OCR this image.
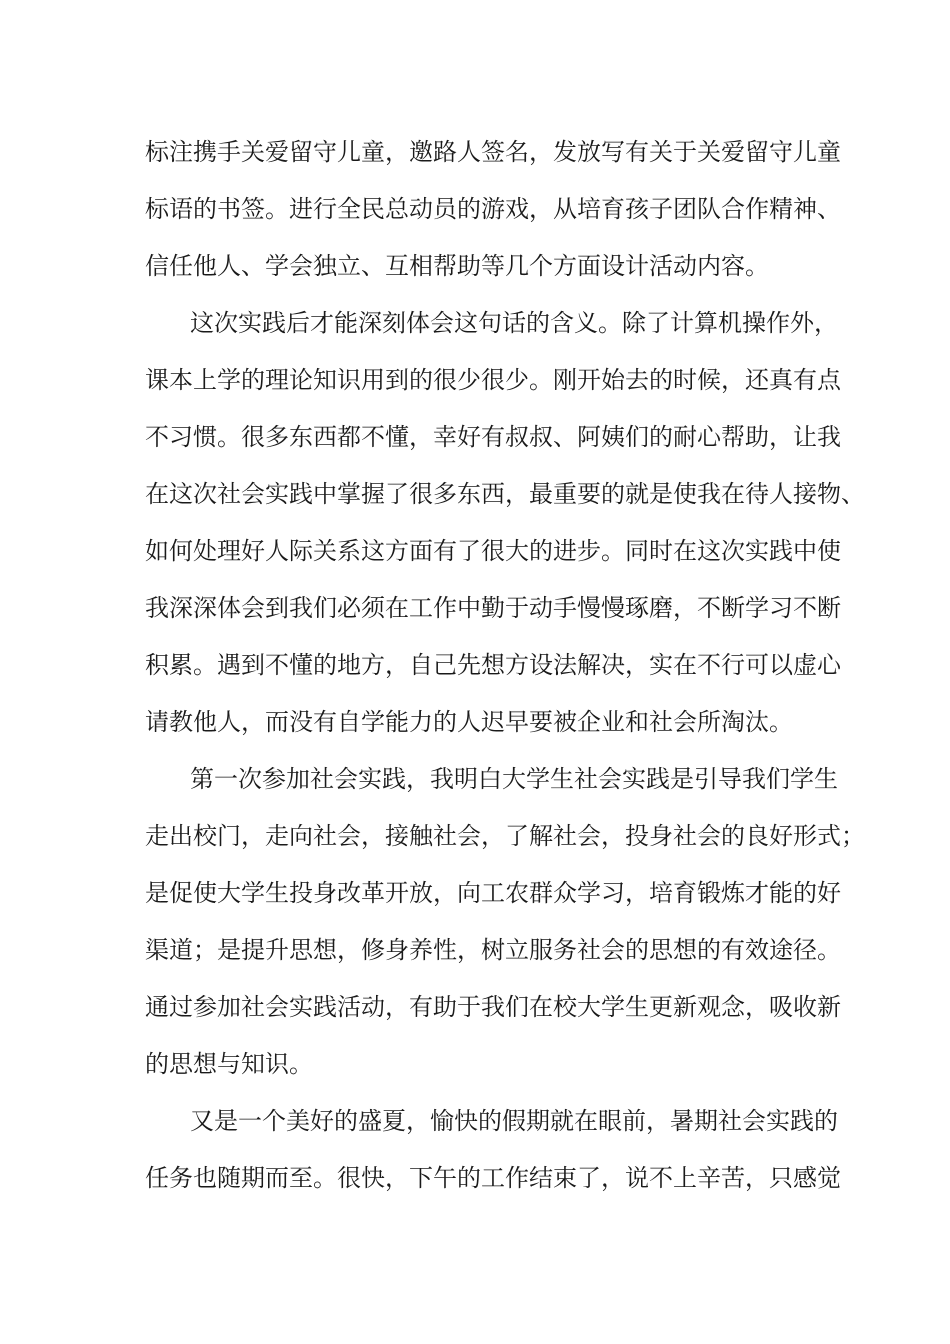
标注携手关爱留守儿童，邀路人签名，发放写有关于关爱留守儿童
标语的书签。进行全民总动员的游戏，从培育孩子团队合作精神、
信任他人、学会独立、互相帮助等几个方面设计活动内容。
这次实践后才能深刻体会这句话的含义。除了计算机操作外，
课本上学的理论知识用到的很少很少。刚开始去的时候，还真有点
不习惯。很多东西都不懂，幸好有叔叔、阿姨们的耐心帮助，让我
在这次社会实践中掌握了很多东西，最重要的就是使我在待人接物、
如何处理好人际关系这方面有了很大的进步。同时在这次实践中使
我深深体会到我们必须在工作中勤于动手慢慢琢磨，不断学习不断
积累。遇到不懂的地方，自己先想方设法解决，实在不行可以虚心
请教他人，而没有自学能力的人迟早要被企业和社会所淘汰。
第一次参加社会实践，我明白大学生社会实践是引导我们学生
走出校门，走向社会，接触社会，了解社会，投身社会的良好形式；
是促使大学生投身改革开放，向工农群众学习，培育锻炼才能的好
渠道；是提升思想，修身养性，树立服务社会的思想的有效途径。
通过参加社会实践活动，有助于我们在校大学生更新观念，吸收新
的思想与知识。
又是一个美好的盛夏，愉快的假期就在眼前，暑期社会实践的
任务也随期而至。很快，下午的工作结束了，说不上辛苦，只感觉
